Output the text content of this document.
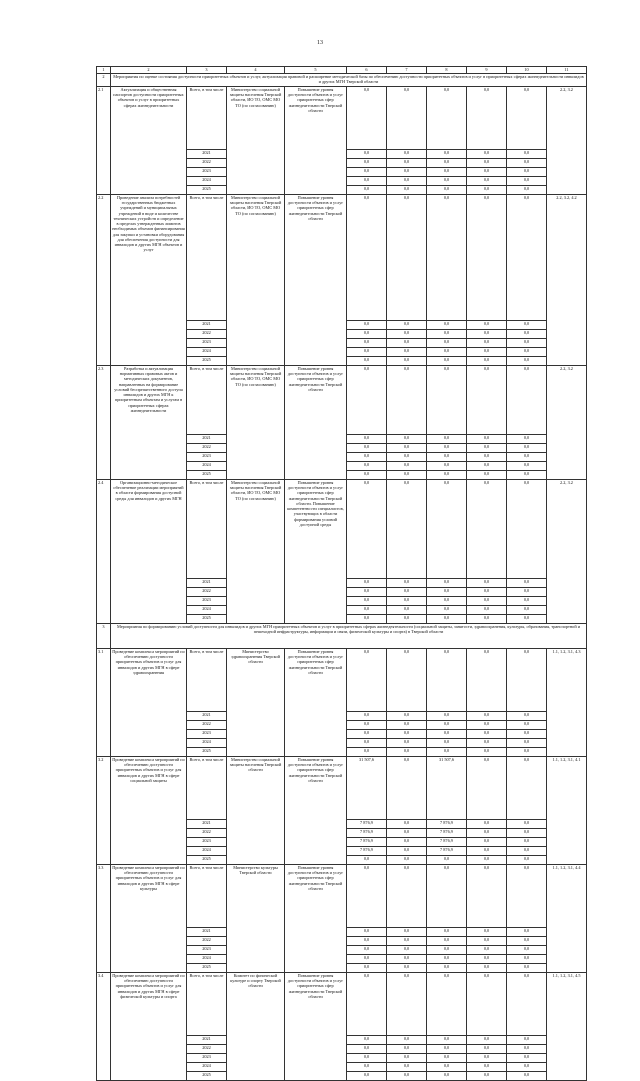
13
1	2	3	4	5	6	7	8	9	10	11
2	Мероприятия по оценке состояния доступности приоритетных объектов и услуг, актуализация правовой и расширение методической базы по обеспечению доступности приоритетных объектов и услуг в приоритетных сферах жизнедеятельности инвалидов и других МГН Тверской области									
2.1	Актуализация и общественная паспортов доступности приоритетных объектов и услуг в приоритетных сферах жизнедеятельности	Всего, в том числе	Министерство социальной защиты населения Тверской области, ИО ТО, ОМС МО ТО (по согласованию)	Повышение уровня доступности объектов и услуг приоритетных сфер жизнедеятельности Тверской области	0,0	0,0	0,0	0,0	0,0	2.2, 3.2
		2021			0,0	0,0	0,0	0,0	0,0	
		2022			0,0	0,0	0,0	0,0	0,0	
		2023			0,0	0,0	0,0	0,0	0,0	
		2024			0,0	0,0	0,0	0,0	0,0	
		2025			0,0	0,0	0,0	0,0	0,0	
2.2	Проведение анализа потребностей государственных бюджетных учреждений и муниципальных учреждений в виде и количестве технических устройств и определение в пределах утвержденных лимитов необходимых объемов финансирования для закупки и установки оборудования для обеспечения доступности для инвалидов и других МГН объектов и услуг	Всего, в том числе	Министерство социальной защиты населения Тверской области, ИО ТО, ОМС МО ТО (по согласованию)	Повышение уровня доступности объектов и услуг приоритетных сфер жизнедеятельности Тверской области	0,0	0,0	0,0	0,0	0,0	2.2, 3.2, 4.2
		2021			0,0	0,0	0,0	0,0	0,0	
		2022			0,0	0,0	0,0	0,0	0,0	
		2023			0,0	0,0	0,0	0,0	0,0	
		2024			0,0	0,0	0,0	0,0	0,0	
		2025			0,0	0,0	0,0	0,0	0,0	
2.3	Разработка и актуализация нормативных правовых актов и методических документов, направленных на формирование условий беспрепятственного доступа инвалидов и других МГН к приоритетным объектам и услугам в приоритетных сферах жизнедеятельности	Всего, в том числе	Министерство социальной защиты населения Тверской области, ИО ТО, ОМС МО ТО (по согласованию)	Повышение уровня доступности объектов и услуг приоритетных сфер жизнедеятельности Тверской области	0,0	0,0	0,0	0,0	0,0	2.2, 3.2
		2021			0,0	0,0	0,0	0,0	0,0	
		2022			0,0	0,0	0,0	0,0	0,0	
		2023			0,0	0,0	0,0	0,0	0,0	
		2024			0,0	0,0	0,0	0,0	0,0	
		2025			0,0	0,0	0,0	0,0	0,0	
2.4	Организационно-методическое обеспечение реализации мероприятий в области формирования доступной среды для инвалидов и других МГН	Всего, в том числе	Министерство социальной защиты населения Тверской области, ИО ТО, ОМС МО ТО (по согласованию)	Повышение уровня доступности объектов и услуг приоритетных сфер жизнедеятельности Тверской области. Повышение компетентности специалистов, участвующих в области формирования условий доступной среды	0,0	0,0	0,0	0,0	0,0	2.2, 3.2
		2021			0,0	0,0	0,0	0,0	0,0	
		2022			0,0	0,0	0,0	0,0	0,0	
		2023			0,0	0,0	0,0	0,0	0,0	
		2024			0,0	0,0	0,0	0,0	0,0	
		2025			0,0	0,0	0,0	0,0	0,0	
3	Мероприятия по формированию условий доступности для инвалидов и других МГН приоритетных объектов и услуг в приоритетных сферах жизнедеятельности (социальной защиты, занятости, здравоохранения, культуры, образования, транспортной и пешеходной инфраструктуры, информации и связи, физической культуры и спорта) в Тверской области									
3.1	Проведение комплекса мероприятий по обеспечению доступности приоритетных объектов и услуг для инвалидов и других МГН в сфере здравоохранения	Всего, в том числе	Министерство здравоохранения Тверской области	Повышение уровня доступности объектов и услуг приоритетных сфер жизнедеятельности Тверской области	0,0	0,0	0,0	0,0	0,0	1.1, 1.2, 3.1, 4.3
		2021			0,0	0,0	0,0	0,0	0,0	
		2022			0,0	0,0	0,0	0,0	0,0	
		2023			0,0	0,0	0,0	0,0	0,0	
		2024			0,0	0,0	0,0	0,0	0,0	
		2025			0,0	0,0	0,0	0,0	0,0	
3.2	Проведение комплекса мероприятий по обеспечению доступности приоритетных объектов и услуг для инвалидов и других МГН в сфере социальной защиты	Всего, в том числе	Министерство социальной защиты населения Тверской области	Повышение уровня доступности объектов и услуг приоритетных сфер жизнедеятельности Тверской области	31 507,6	0,0	31 507,6	0,0	0,0	1.1, 1.2, 3.1, 4.1
		2021			7 876,9	0,0	7 876,9	0,0	0,0	
		2022			7 876,9	0,0	7 876,9	0,0	0,0	
		2023			7 876,9	0,0	7 876,9	0,0	0,0	
		2024			7 876,9	0,0	7 876,9	0,0	0,0	
		2025			0,0	0,0	0,0	0,0	0,0	
3.3	Проведение комплекса мероприятий по обеспечению доступности приоритетных объектов и услуг для инвалидов и других МГН в сфере культуры	Всего, в том числе	Министерство культуры Тверской области	Повышение уровня доступности объектов и услуг приоритетных сфер жизнедеятельности Тверской области	0,0	0,0	0,0	0,0	0,0	1.1, 1.2, 3.1, 4.4
		2021			0,0	0,0	0,0	0,0	0,0	
		2022			0,0	0,0	0,0	0,0	0,0	
		2023			0,0	0,0	0,0	0,0	0,0	
		2024			0,0	0,0	0,0	0,0	0,0	
		2025			0,0	0,0	0,0	0,0	0,0	
3.4	Проведение комплекса мероприятий по обеспечению доступности приоритетных объектов и услуг для инвалидов и других МГН в сфере физической культуры и спорта	Всего, в том числе	Комитет по физической культуре и спорту Тверской области	Повышение уровня доступности объектов и услуг приоритетных сфер жизнедеятельности Тверской области	0,0	0,0	0,0	0,0	0,0	1.1, 1.2, 3.1, 4.5
		2021			0,0	0,0	0,0	0,0	0,0	
		2022			0,0	0,0	0,0	0,0	0,0	
		2023			0,0	0,0	0,0	0,0	0,0	
		2024			0,0	0,0	0,0	0,0	0,0	
		2025			0,0	0,0	0,0	0,0	0,0	
